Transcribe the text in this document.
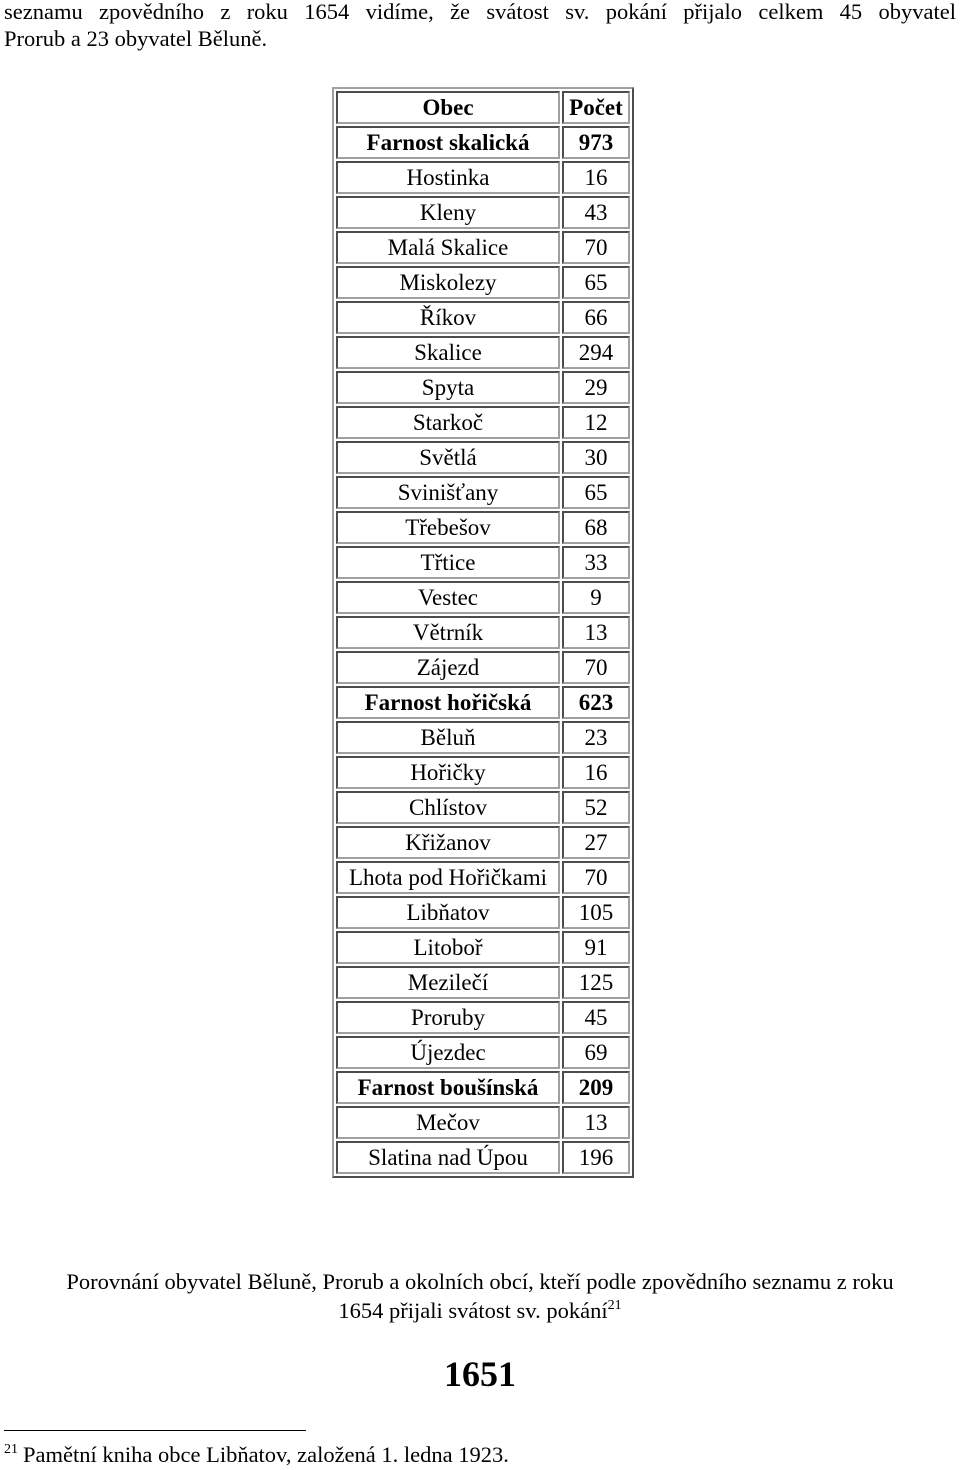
seznamu zpovědního z roku 1654 vidíme, že svátost sv. pokání přijalo celkem 45 obyvatel
Prorub a 23 obyvatel Běluně.

Obec	Počet
Farnost skalická	973
Hostinka	16
Kleny	43
Malá Skalice	70
Miskolezy	65
Říkov	66
Skalice	294
Spyta	29
Starkoč	12
Světlá	30
Svinišťany	65
Třebešov	68
Třtice	33
Vestec	9
Větrník	13
Zájezd	70
Farnost hořičská	623
Běluň	23
Hořičky	16
Chlístov	52
Křižanov	27
Lhota pod Hořičkami	70
Libňatov	105
Litoboř	91
Mezilečí	125
Proruby	45
Újezdec	69
Farnost boušínská	209
Mečov	13
Slatina nad Úpou	196

Porovnání obyvatel Běluně, Prorub a okolních obcí, kteří podle zpovědního seznamu z roku
1654 přijali svátost sv. pokání$^{21}$

1651

$^{21}$ Pamětní kniha obce Libňatov, založená 1. ledna 1923.
